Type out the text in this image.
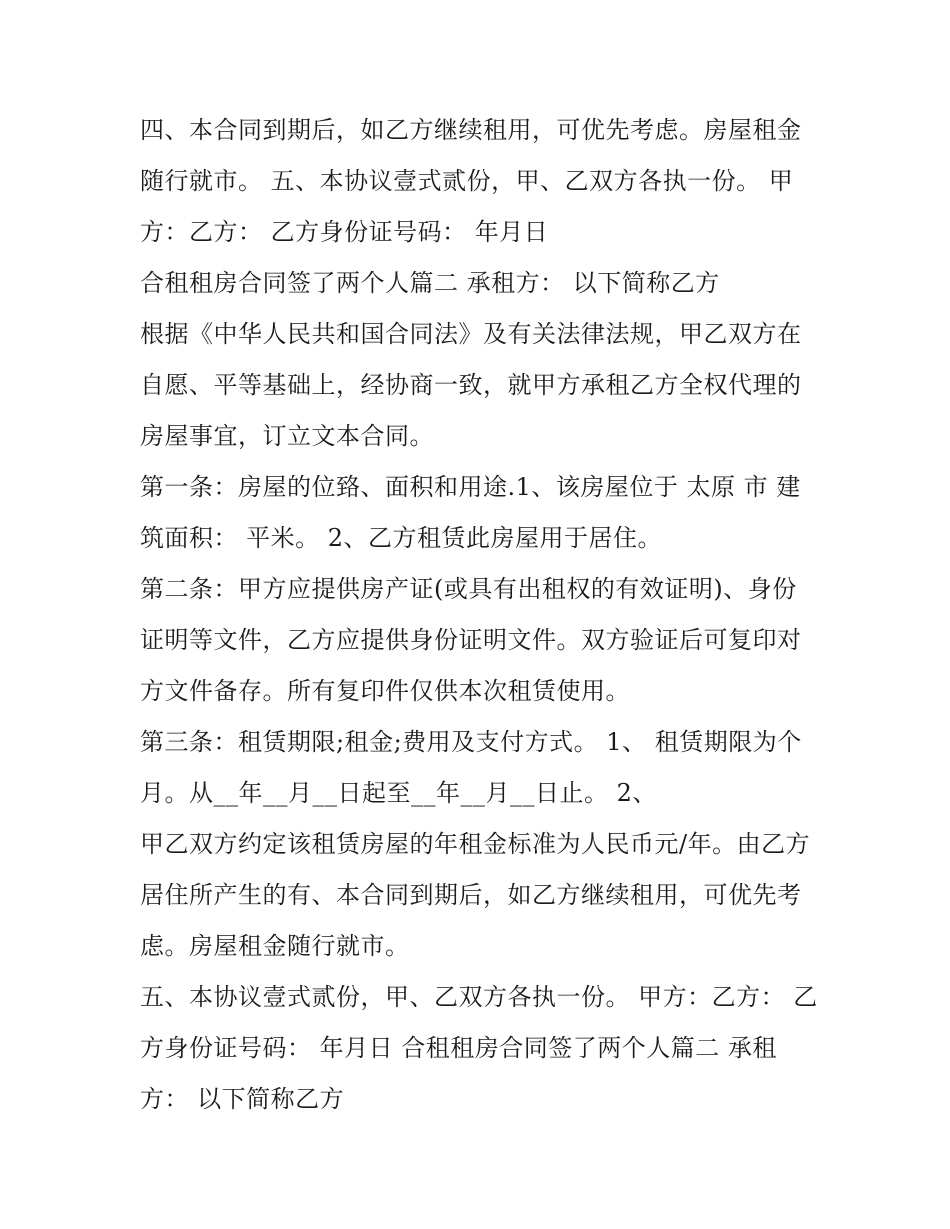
四、本合同到期后，如乙方继续租用，可优先考虑。房屋租金随行就市。 五、本协议壹式贰份，甲、乙双方各执一份。 甲方：乙方： 乙方身份证号码： 年月日

合租租房合同签了两个人篇二 承租方： 以下简称乙方

根据《中华人民共和国合同法》及有关法律法规，甲乙双方在自愿、平等基础上，经协商一致，就甲方承租乙方全权代理的房屋事宜，订立文本合同。

第一条：房屋的位臵、面积和用途.1、该房屋位于 太原 市 建筑面积： 平米。 2、乙方租赁此房屋用于居住。

第二条：甲方应提供房产证(或具有出租权的有效证明)、身份证明等文件，乙方应提供身份证明文件。双方验证后可复印对方文件备存。所有复印件仅供本次租赁使用。

第三条：租赁期限;租金;费用及支付方式。 1、 租赁期限为个月。从__年__月__日起至__年__月__日止。 2、

甲乙双方约定该租赁房屋的年租金标准为人民币元/年。由乙方居住所产生的有、本合同到期后，如乙方继续租用，可优先考虑。房屋租金随行就市。

五、本协议壹式贰份，甲、乙双方各执一份。 甲方：乙方： 乙方身份证号码： 年月日 合租租房合同签了两个人篇二 承租方： 以下简称乙方
